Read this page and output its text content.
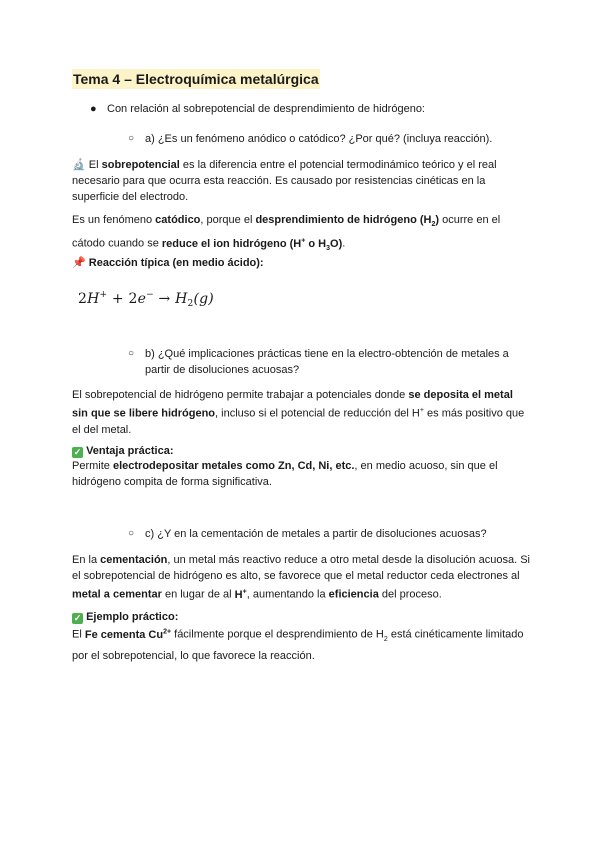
Tema 4 – Electroquímica metalúrgica
● Con relación al sobrepotencial de desprendimiento de hidrógeno:
○ a) ¿Es un fenómeno anódico o catódico? ¿Por qué? (incluya reacción).
🔬 El sobrepotencial es la diferencia entre el potencial termodinámico teórico y el real necesario para que ocurra esta reacción. Es causado por resistencias cinéticas en la superficie del electrodo.
Es un fenómeno catódico, porque el desprendimiento de hidrógeno $(H_2)$ ocurre en el cátodo cuando se reduce el ion hidrógeno (H+ o $H_3O$).
📌 Reacción típica (en medio ácido):
$2H^+ + 2e^- \to H_2(g)$
○ b) ¿Qué implicaciones prácticas tiene en la electro-obtención de metales a partir de disoluciones acuosas?
El sobrepotencial de hidrógeno permite trabajar a potenciales donde se deposita el metal sin que se libere hidrógeno, incluso si el potencial de reducción del H+ es más positivo que el del metal.
✓ Ventaja práctica:
Permite electrodepositar metales como Zn, Cd, Ni, etc., en medio acuoso, sin que el hidrógeno compita de forma significativa.
○ c) ¿Y en la cementación de metales a partir de disoluciones acuosas?
En la cementación, un metal más reactivo reduce a otro metal desde la disolución acuosa. Si el sobrepotencial de hidrógeno es alto, se favorece que el metal reductor ceda electrones al metal a cementar en lugar de al H+, aumentando la eficiencia del proceso.
✓ Ejemplo práctico:
El Fe cementa $Cu^{2+}$ fácilmente porque el desprendimiento de $H_2$ está cinéticamente limitado por el sobrepotencial, lo que favorece la reacción.
